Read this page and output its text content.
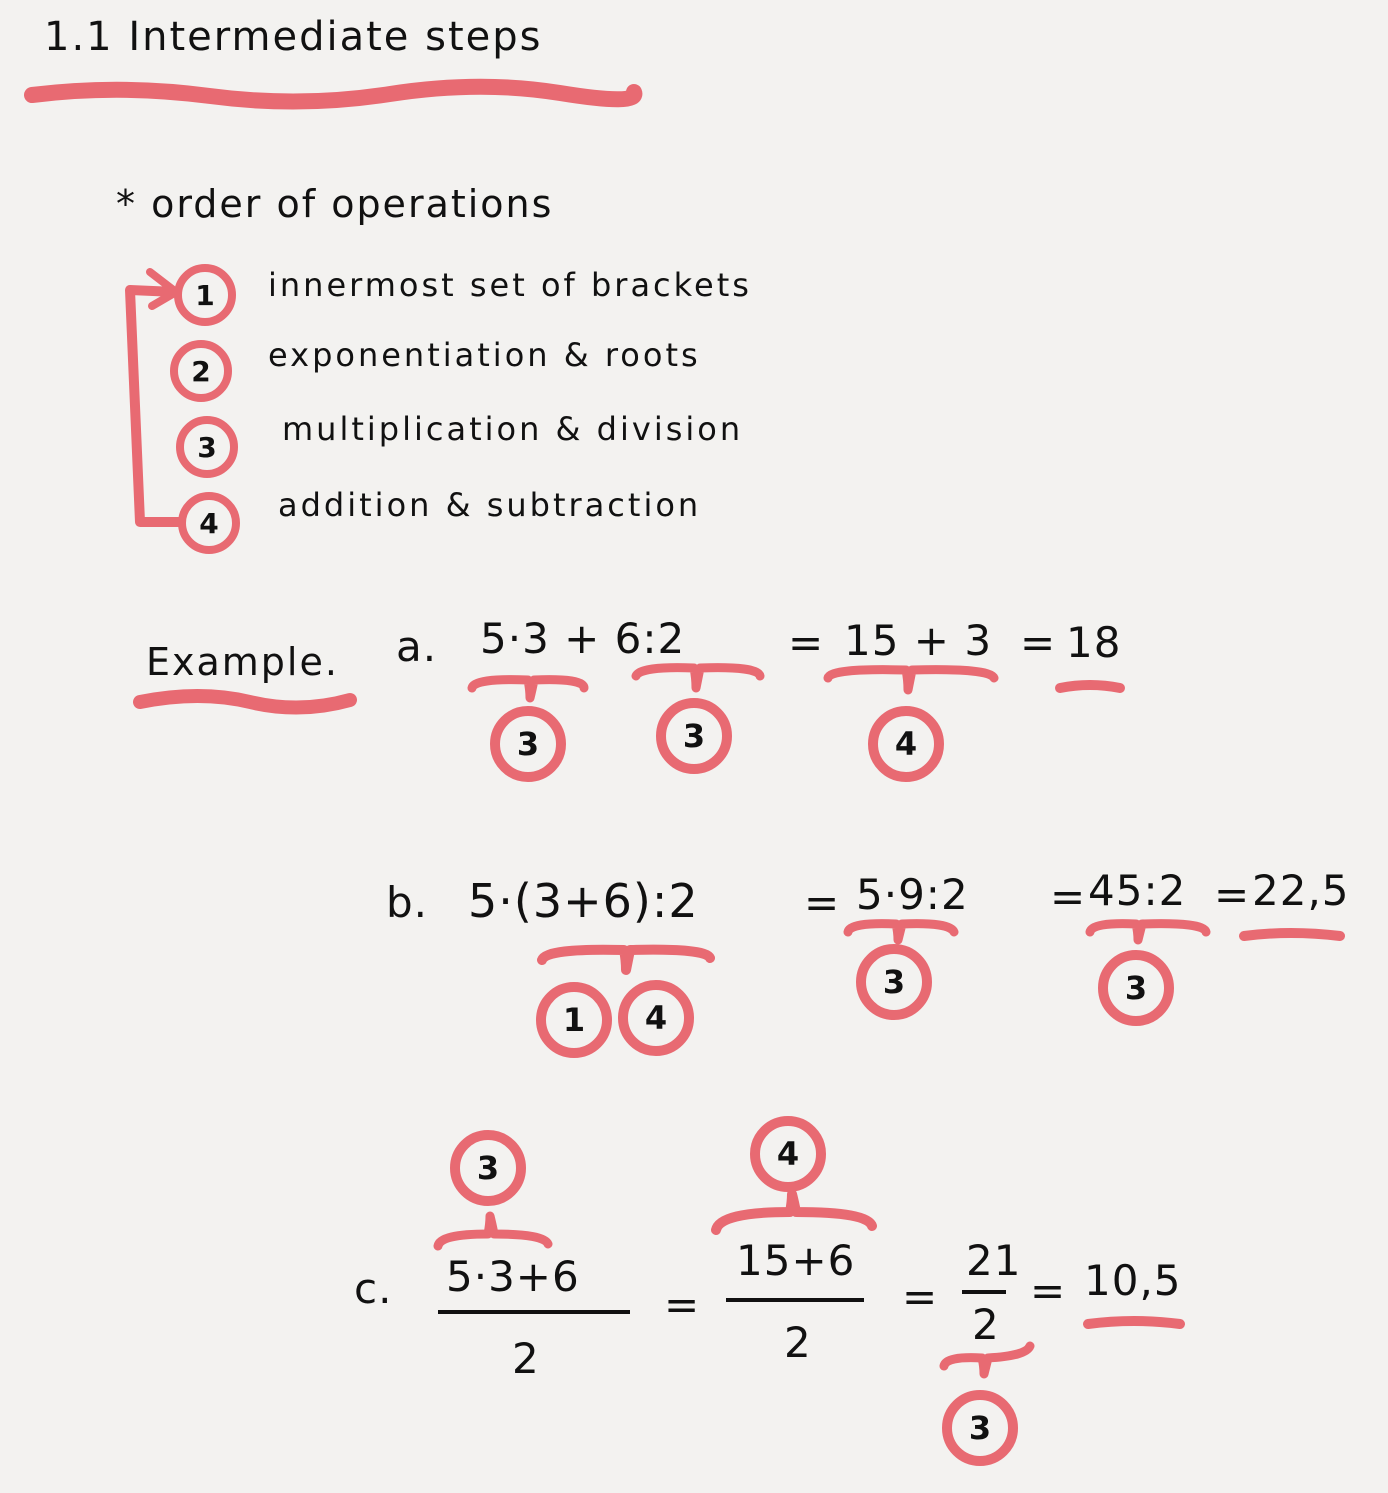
1.1 Intermediate steps
* order of operations
1	innermost set of brackets
2	exponentiation & roots
3	multiplication & division
4	addition & subtraction
Example. a. 5·3 + 6:2 = 15 + 3 = 18
3	3	4
b. 5·(3+6):2	= 5·9:2 = 45:2 = 22,5
1	4
3	3
3	4
c. 5·3+6
2
=
15+6
2
=
21
2
= 10,5
3
